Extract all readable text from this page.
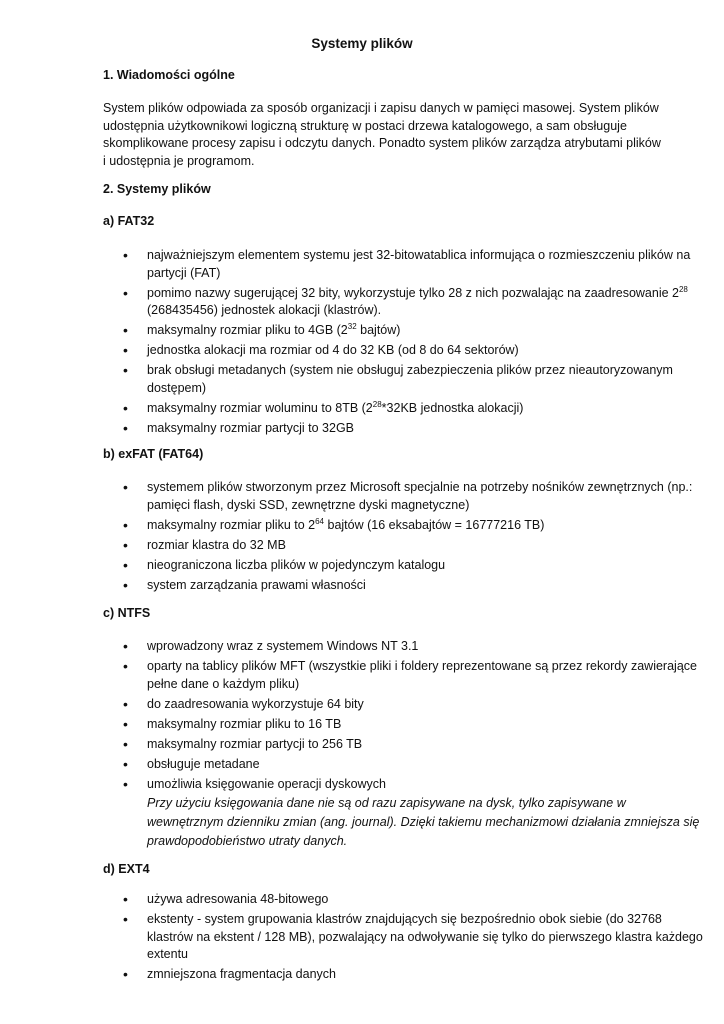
Systemy plików
1. Wiadomości ogólne
System plików odpowiada za sposób organizacji i zapisu danych w pamięci masowej. System plików udostępnia użytkownikowi logiczną strukturę w postaci drzewa katalogowego, a sam obsługuje skomplikowane procesy zapisu i odczytu danych. Ponadto system plików zarządza atrybutami plików i udostępnia je programom.
2. Systemy plików
a) FAT32
• najważniejszym elementem systemu jest 32-bitowatablica informująca o rozmieszczeniu plików na partycji (FAT)
• pomimo nazwy sugerującej 32 bity, wykorzystuje tylko 28 z nich pozwalając na zaadresowanie $2^{28}$ (268435456) jednostek alokacji (klastrów).
• maksymalny rozmiar pliku to 4GB ($2^{32}$ bajtów)
• jednostka alokacji ma rozmiar od 4 do 32 KB (od 8 do 64 sektorów)
• brak obsługi metadanych (system nie obsługuj zabezpieczenia plików przez nieautoryzowanym dostępem)
• maksymalny rozmiar woluminu to 8TB ($2^{28}*32KB$ jednostka alokacji)
• maksymalny rozmiar partycji to 32GB
b) exFAT (FAT64)
• systemem plików stworzonym przez Microsoft specjalnie na potrzeby nośników zewnętrznych (np.: pamięci flash, dyski SSD, zewnętrzne dyski magnetyczne)
• maksymalny rozmiar pliku to $2^{64}$ bajtów (16 eksabajtów = 16777216 TB)
• rozmiar klastra do 32 MB
• nieograniczona liczba plików w pojedynczym katalogu
• system zarządzania prawami własności
c) NTFS
• wprowadzony wraz z systemem Windows NT 3.1
• oparty na tablicy plików MFT (wszystkie pliki i foldery reprezentowane są przez rekordy zawierające pełne dane o każdym pliku)
• do zaadresowania wykorzystuje 64 bity
• maksymalny rozmiar pliku to 16 TB
• maksymalny rozmiar partycji to 256 TB
• obsługuje metadane
• umożliwia księgowanie operacji dyskowych
Przy użyciu księgowania dane nie są od razu zapisywane na dysk, tylko zapisywane w wewnętrznym dzienniku zmian (ang. journal). Dzięki takiemu mechanizmowi działania zmniejsza się prawdopodobieństwo utraty danych.
d) EXT4
• używa adresowania 48-bitowego
• ekstenty - system grupowania klastrów znajdujących się bezpośrednio obok siebie (do 32768 klastrów na ekstent / 128 MB), pozwalający na odwoływanie się tylko do pierwszego klastra każdego extentu
• zmniejszona fragmentacja danych
